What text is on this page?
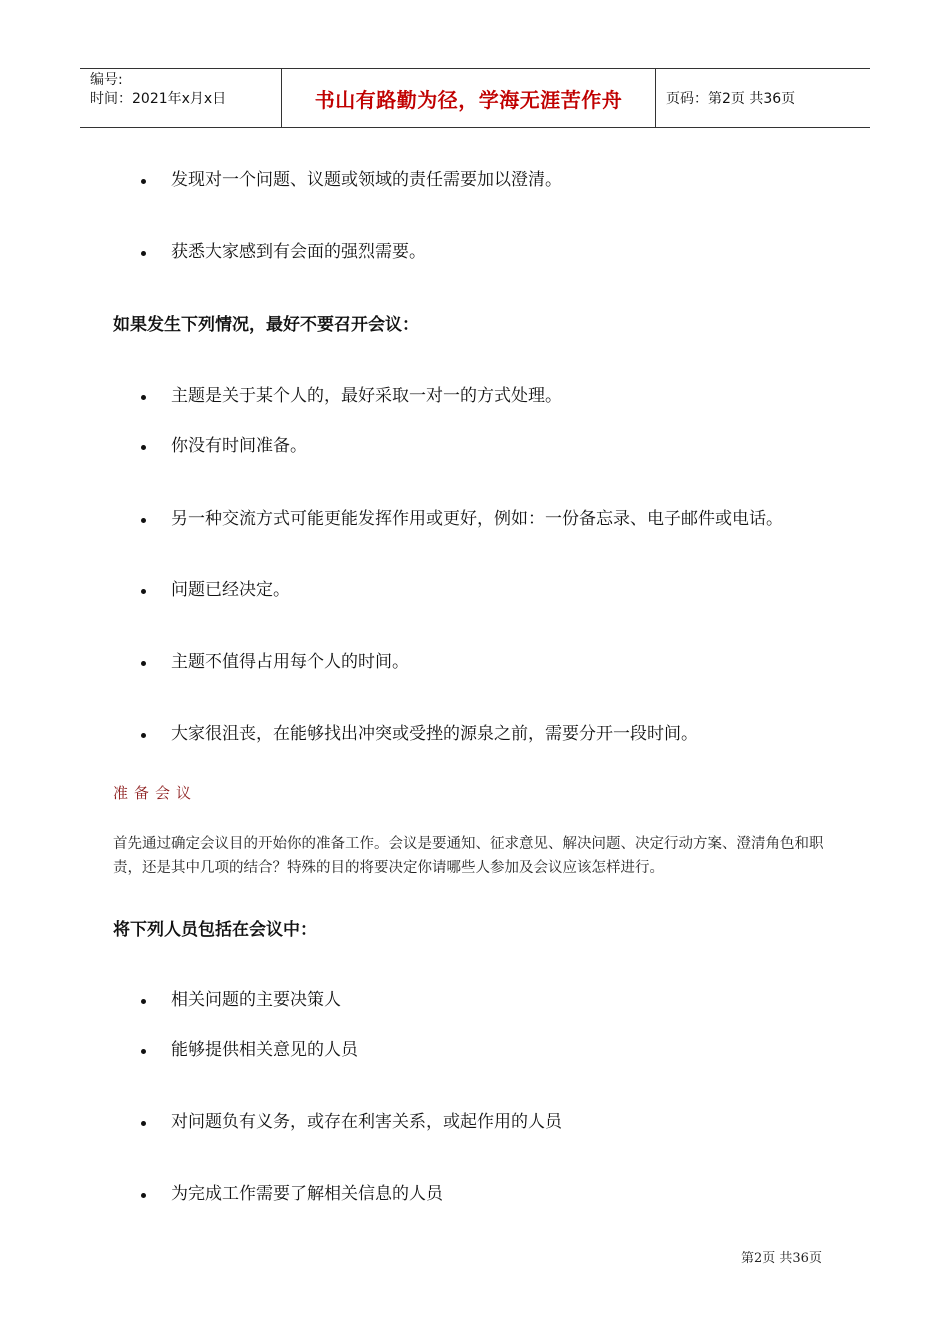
编号:
时间：2021年x月x日	书山有路勤为径，学海无涯苦作舟	页码：第2页 共36页
发现对一个问题、议题或领域的责任需要加以澄清。
获悉大家感到有会面的强烈需要。
如果发生下列情况，最好不要召开会议：
主题是关于某个人的，最好采取一对一的方式处理。
你没有时间准备。
另一种交流方式可能更能发挥作用或更好，例如：一份备忘录、电子邮件或电话。
问题已经决定。
主题不值得占用每个人的时间。
大家很沮丧，在能够找出冲突或受挫的源泉之前，需要分开一段时间。
准备会议
首先通过确定会议目的开始你的准备工作。会议是要通知、征求意见、解决问题、决定行动方案、澄清角色和职责，还是其中几项的结合？特殊的目的将要决定你请哪些人参加及会议应该怎样进行。
将下列人员包括在会议中：
相关问题的主要决策人
能够提供相关意见的人员
对问题负有义务，或存在利害关系，或起作用的人员
为完成工作需要了解相关信息的人员
第2页 共36页
